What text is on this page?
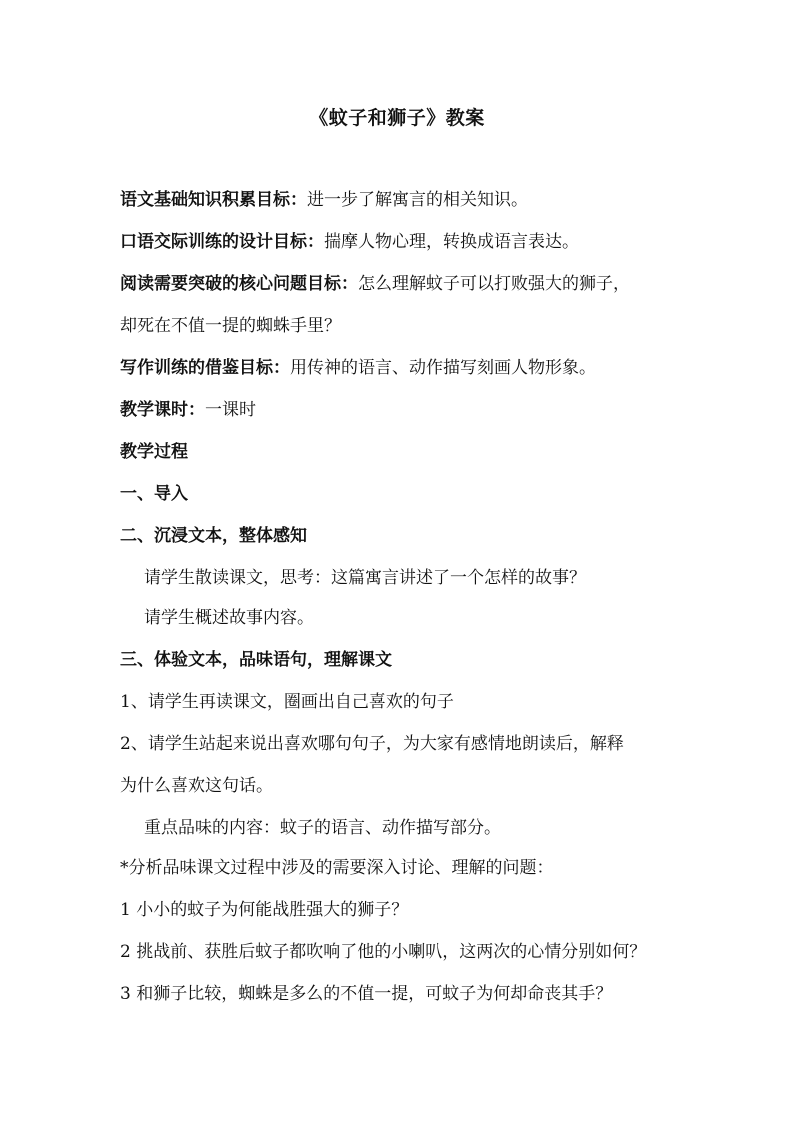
《蚊子和狮子》教案
语文基础知识积累目标：进一步了解寓言的相关知识。
口语交际训练的设计目标：揣摩人物心理，转换成语言表达。
阅读需要突破的核心问题目标：怎么理解蚊子可以打败强大的狮子，
却死在不值一提的蜘蛛手里？
写作训练的借鉴目标：用传神的语言、动作描写刻画人物形象。
教学课时：一课时
教学过程
一、导入
二、沉浸文本，整体感知
请学生散读课文，思考：这篇寓言讲述了一个怎样的故事？
请学生概述故事内容。
三、体验文本，品味语句，理解课文
1、请学生再读课文，圈画出自己喜欢的句子
2、请学生站起来说出喜欢哪句句子，为大家有感情地朗读后，解释
为什么喜欢这句话。
重点品味的内容：蚊子的语言、动作描写部分。
*分析品味课文过程中涉及的需要深入讨论、理解的问题：
1 小小的蚊子为何能战胜强大的狮子？
2 挑战前、获胜后蚊子都吹响了他的小喇叭，这两次的心情分别如何？
3 和狮子比较，蜘蛛是多么的不值一提，可蚊子为何却命丧其手？
